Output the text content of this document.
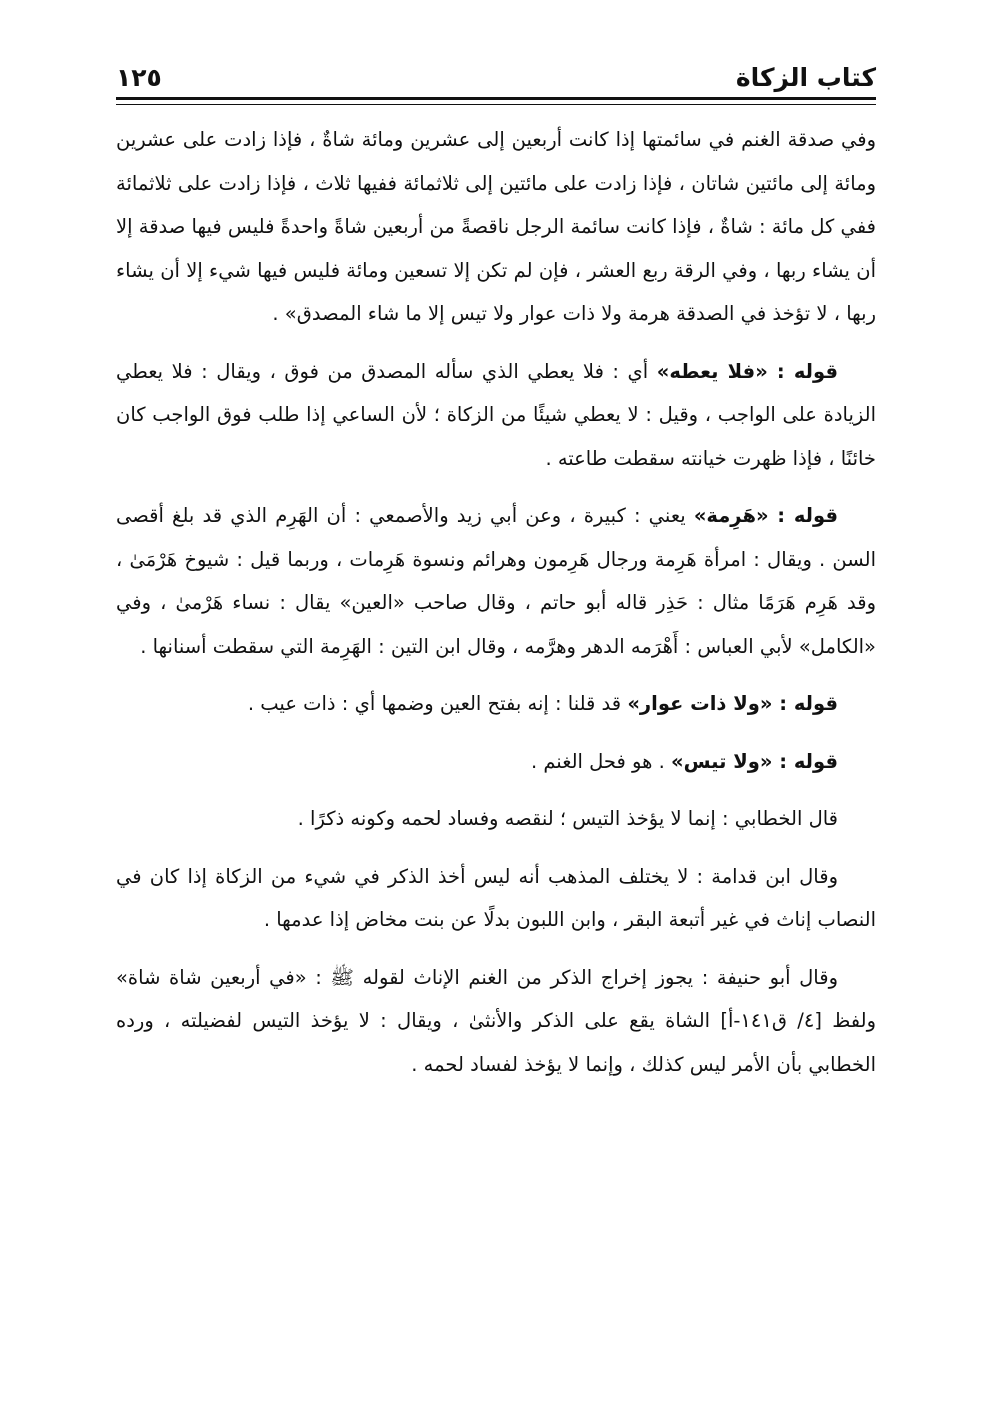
كتاب الزكاة
١٢٥

وفي صدقة الغنم في سائمتها إذا كانت أربعين إلى عشرين ومائة شاةٌ ، فإذا زادت على عشرين ومائة إلى مائتين شاتان ، فإذا زادت على مائتين إلى ثلاثمائة ففيها ثلاث ، فإذا زادت على ثلاثمائة ففي كل مائة : شاةٌ ، فإذا كانت سائمة الرجل ناقصةً من أربعين شاةً واحدةً فليس فيها صدقة إلا أن يشاء ربها ، وفي الرقة ربع العشر ، فإن لم تكن إلا تسعين ومائة فليس فيها شيء إلا أن يشاء ربها ، لا تؤخذ في الصدقة هرمة ولا ذات عوار ولا تيس إلا ما شاء المصدق» .

قوله : «فلا يعطه» أي : فلا يعطي الذي سأله المصدق من فوق ، ويقال : فلا يعطي الزيادة على الواجب ، وقيل : لا يعطي شيئًا من الزكاة ؛ لأن الساعي إذا طلب فوق الواجب كان خائنًا ، فإذا ظهرت خيانته سقطت طاعته .

قوله : «هَرِمة» يعني : كبيرة ، وعن أبي زيد والأصمعي : أن الهَرِم الذي قد بلغ أقصى السن . ويقال : امرأة هَرِمة ورجال هَرِمون وهرائم ونسوة هَرِمات ، وربما قيل : شيوخ هَرْمَىٰ ، وقد هَرِم هَرَمًا مثال : حَذِر قاله أبو حاتم ، وقال صاحب «العين» يقال : نساء هَرْمىٰ ، وفي «الكامل» لأبي العباس : أَهْرَمه الدهر وهرَّمه ، وقال ابن التين : الهَرِمة التي سقطت أسنانها .

قوله : «ولا ذات عوار» قد قلنا : إنه بفتح العين وضمها أي : ذات عيب .

قوله : «ولا تيس» . هو فحل الغنم .

قال الخطابي : إنما لا يؤخذ التيس ؛ لنقصه وفساد لحمه وكونه ذكرًا .

وقال ابن قدامة : لا يختلف المذهب أنه ليس أخذ الذكر في شيء من الزكاة إذا كان في النصاب إناث في غير أتبعة البقر ، وابن اللبون بدلًا عن بنت مخاض إذا عدمها .

وقال أبو حنيفة : يجوز إخراج الذكر من الغنم الإناث لقوله ﷺ : «في أربعين شاة شاة» ولفظ [٤/ ق١٤١-أ] الشاة يقع على الذكر والأنثىٰ ، ويقال : لا يؤخذ التيس لفضيلته ، ورده الخطابي بأن الأمر ليس كذلك ، وإنما لا يؤخذ لفساد لحمه .
